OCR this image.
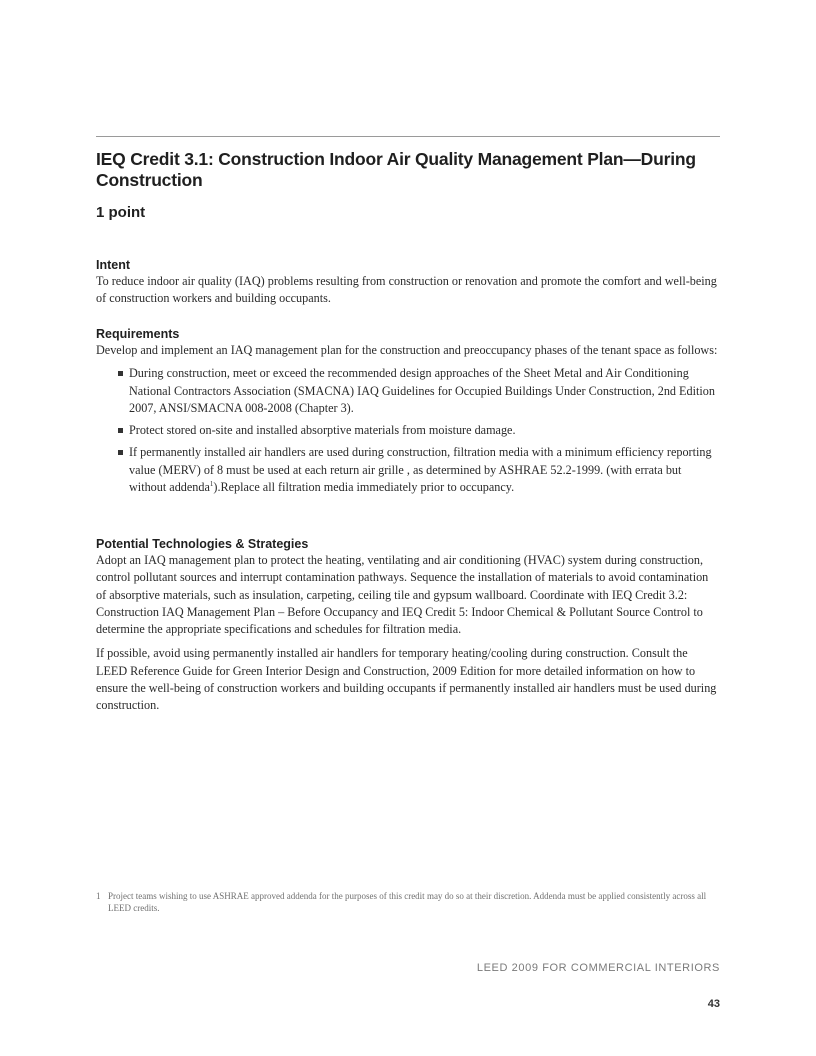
IEQ Credit 3.1: Construction Indoor Air Quality Management Plan—During Construction
1 point
Intent

To reduce indoor air quality (IAQ) problems resulting from construction or renovation and promote the comfort and well-being of construction workers and building occupants.

Requirements

Develop and implement an IAQ management plan for the construction and preoccupancy phases of the tenant space as follows:

During construction, meet or exceed the recommended design approaches of the Sheet Metal and Air Conditioning National Contractors Association (SMACNA) IAQ Guidelines for Occupied Buildings Under Construction, 2nd Edition 2007, ANSI/SMACNA 008-2008 (Chapter 3).
Protect stored on-site and installed absorptive materials from moisture damage.
If permanently installed air handlers are used during construction, filtration media with a minimum efficiency reporting value (MERV) of 8 must be used at each return air grille , as determined by ASHRAE 52.2-1999. (with errata but without addenda$^1$).Replace all filtration media immediately prior to occupancy.
Potential Technologies & Strategies

Adopt an IAQ management plan to protect the heating, ventilating and air conditioning (HVAC) system during construction, control pollutant sources and interrupt contamination pathways. Sequence the installation of materials to avoid contamination of absorptive materials, such as insulation, carpeting, ceiling tile and gypsum wallboard. Coordinate with IEQ Credit 3.2: Construction IAQ Management Plan – Before Occupancy and IEQ Credit 5: Indoor Chemical & Pollutant Source Control to determine the appropriate specifications and schedules for filtration media.

If possible, avoid using permanently installed air handlers for temporary heating/cooling during construction. Consult the LEED Reference Guide for Green Interior Design and Construction, 2009 Edition for more detailed information on how to ensure the well-being of construction workers and building occupants if permanently installed air handlers must be used during construction.

1 Project teams wishing to use ASHRAE approved addenda for the purposes of this credit may do so at their discretion. Addenda must be applied consistently across all LEED credits.
LEED 2009 FOR COMMERCIAL INTERIORS
43
